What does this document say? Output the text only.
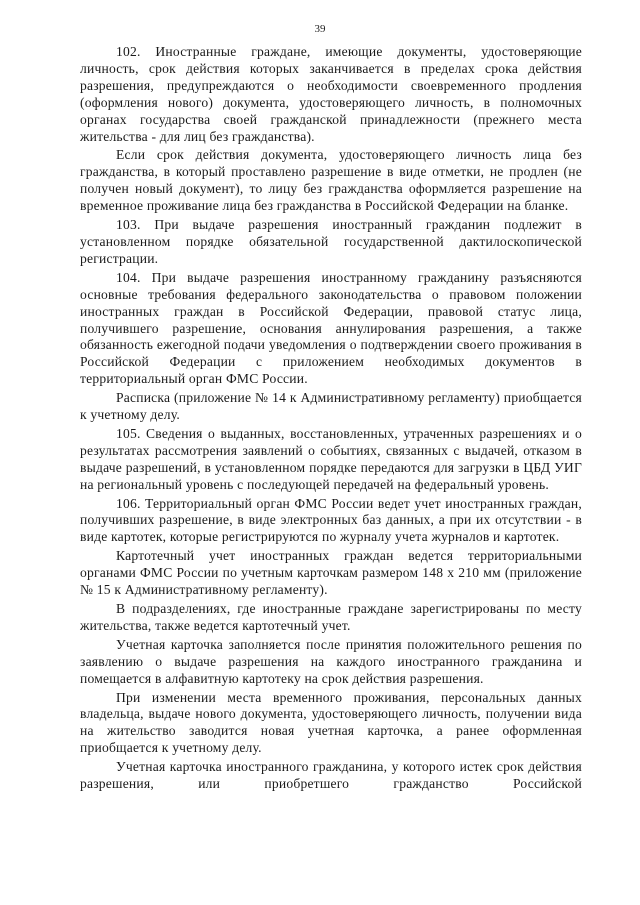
39

102. Иностранные граждане, имеющие документы, удостоверяющие личность, срок действия которых заканчивается в пределах срока действия разрешения, предупреждаются о необходимости своевременного продления (оформления нового) документа, удостоверяющего личность, в полномочных органах государства своей гражданской принадлежности (прежнего места жительства - для лиц без гражданства).

Если срок действия документа, удостоверяющего личность лица без гражданства, в который проставлено разрешение в виде отметки, не продлен (не получен новый документ), то лицу без гражданства оформляется разрешение на временное проживание лица без гражданства в Российской Федерации на бланке.

103. При выдаче разрешения иностранный гражданин подлежит в установленном порядке обязательной государственной дактилоскопической регистрации.

104. При выдаче разрешения иностранному гражданину разъясняются основные требования федерального законодательства о правовом положении иностранных граждан в Российской Федерации, правовой статус лица, получившего разрешение, основания аннулирования разрешения, а также обязанность ежегодной подачи уведомления о подтверждении своего проживания в Российской Федерации с приложением необходимых документов в территориальный орган ФМС России.

Расписка (приложение № 14 к Административному регламенту) приобщается к учетному делу.

105. Сведения о выданных, восстановленных, утраченных разрешениях и о результатах рассмотрения заявлений о событиях, связанных с выдачей, отказом в выдаче разрешений, в установленном порядке передаются для загрузки в ЦБД УИГ на региональный уровень с последующей передачей на федеральный уровень.

106. Территориальный орган ФМС России ведет учет иностранных граждан, получивших разрешение, в виде электронных баз данных, а при их отсутствии - в виде картотек, которые регистрируются по журналу учета журналов и картотек.

Картотечный учет иностранных граждан ведется территориальными органами ФМС России по учетным карточкам размером 148 х 210 мм (приложение № 15 к Административному регламенту).

В подразделениях, где иностранные граждане зарегистрированы по месту жительства, также ведется картотечный учет.

Учетная карточка заполняется после принятия положительного решения по заявлению о выдаче разрешения на каждого иностранного гражданина и помещается в алфавитную картотеку на срок действия разрешения.

При изменении места временного проживания, персональных данных владельца, выдаче нового документа, удостоверяющего личность, получении вида на жительство заводится новая учетная карточка, а ранее оформленная приобщается к учетному делу.

Учетная карточка иностранного гражданина, у которого истек срок действия разрешения, или приобретшего гражданство Российской
